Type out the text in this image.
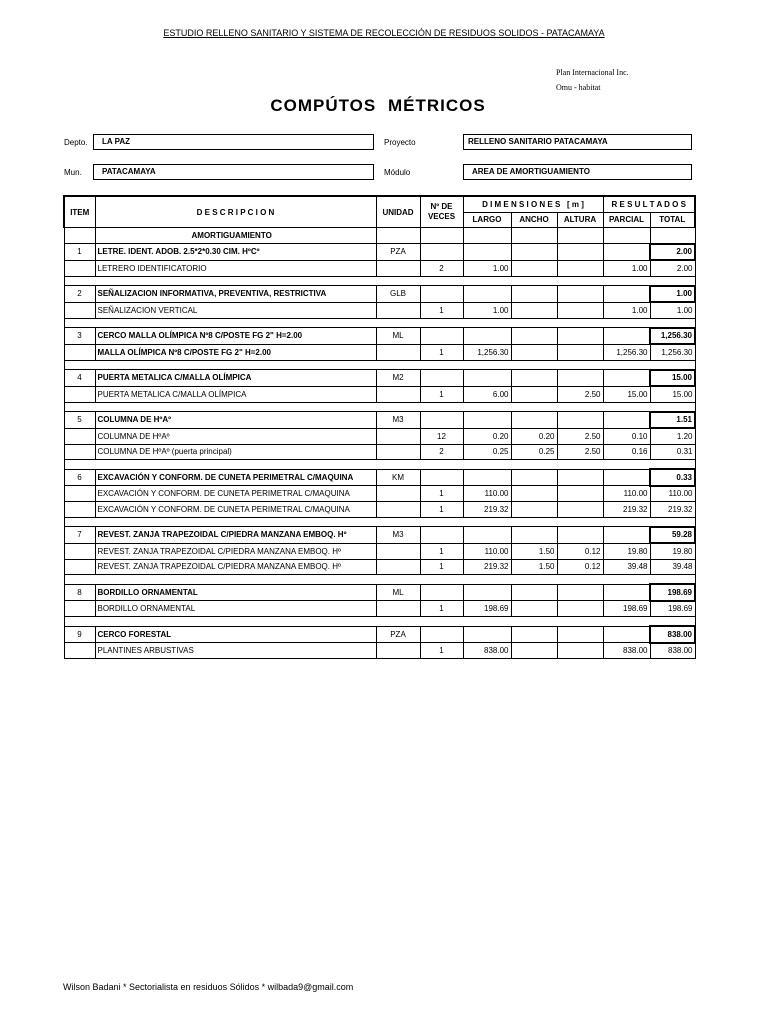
ESTUDIO RELLENO SANITARIO Y SISTEMA DE RECOLECCIÓN DE RESIDUOS SOLIDOS - PATACAMAYA
Plan Internacional Inc.
Omu - habitat
COMPÚTOS MÉTRICOS
Depto.	LA PAZ	Proyecto	RELLENO SANITARIO PATACAMAYA
Mun.	PATACAMAYA	Módulo	AREA DE AMORTIGUAMIENTO
ITEM	D E S C R I P C I O N	UNIDAD	Nº DE VECES	D I M E N S I O N E S   [ m ]			R E S U L T A D O S	
				LARGO	ANCHO	ALTURA	PARCIAL	TOTAL
	AMORTIGUAMIENTO							
1	LETRE. IDENT. ADOB. 2.5*2*0.30 CIM. HºCº	PZA						2.00
	LETRERO IDENTIFICATORIO		2	1.00			1.00	2.00

2	SEÑALIZACION INFORMATIVA, PREVENTIVA, RESTRICTIVA	GLB						1.00
	SEÑALIZACION VERTICAL		1	1.00			1.00	1.00

3	CERCO MALLA OLÍMPICA Nº8 C/POSTE FG 2" H=2.00	ML						1,256.30
	MALLA OLÍMPICA Nº8 C/POSTE FG 2" H=2.00		1	1,256.30			1,256.30	1,256.30

4	PUERTA METALICA C/MALLA OLÍMPICA	M2						15.00
	PUERTA METALICA C/MALLA OLÍMPICA		1	6.00		2.50	15.00	15.00

5	COLUMNA DE HºAº	M3						1.51
	COLUMNA DE HºAº		12	0.20	0.20	2.50	0.10	1.20
	COLUMNA DE HºAº (puerta principal)		2	0.25	0.25	2.50	0.16	0.31

6	EXCAVACIÓN Y CONFORM. DE CUNETA PERIMETRAL C/MAQUINA	KM						0.33
	EXCAVACIÓN Y CONFORM. DE CUNETA PERIMETRAL C/MAQUINA		1	110.00			110.00	110.00
	EXCAVACIÓN Y CONFORM. DE CUNETA PERIMETRAL C/MAQUINA		1	219.32			219.32	219.32

7	REVEST. ZANJA TRAPEZOIDAL C/PIEDRA MANZANA EMBOQ. Hº	M3						59.28
	REVEST. ZANJA TRAPEZOIDAL C/PIEDRA MANZANA EMBOQ. Hº		1	110.00	1.50	0.12	19.80	19.80
	REVEST. ZANJA TRAPEZOIDAL C/PIEDRA MANZANA EMBOQ. Hº		1	219.32	1.50	0.12	39.48	39.48

8	BORDILLO ORNAMENTAL	ML						198.69
	BORDILLO ORNAMENTAL		1	198.69			198.69	198.69

9	CERCO FORESTAL	PZA						838.00
	PLANTINES ARBUSTIVAS		1	838.00			838.00	838.00
Wilson Badani * Sectorialista en residuos Sólidos * wilbada9@gmail.com
